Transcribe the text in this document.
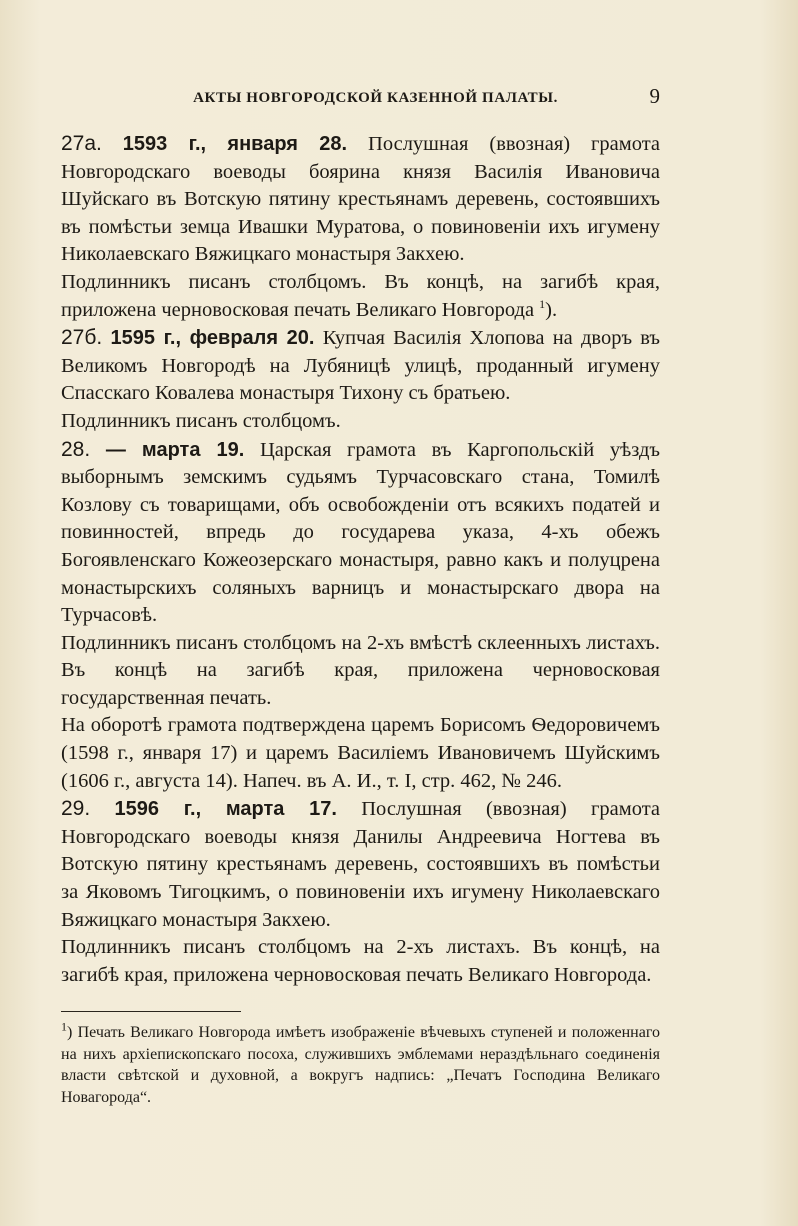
АКТЫ НОВГОРОДСКОЙ КАЗЕННОЙ ПАЛАТЫ.	9

27а. 1593 г., января 28. Послушная (ввозная) грамота Новгородскаго воеводы боярина князя Василія Ивановича Шуйскаго въ Вотскую пятину крестьянамъ деревень, состоявшихъ въ помѣстьи земца Ивашки Муратова, о повиновеніи ихъ игумену Николаевскаго Вяжицкаго монастыря Закхею.

Подлинникъ писанъ столбцомъ. Въ концѣ, на загибѣ края, приложена черновосковая печать Великаго Новгорода $^1$).

27б. 1595 г., февраля 20. Купчая Василія Хлопова на дворъ въ Великомъ Новгородѣ на Лубяницѣ улицѣ, проданный игумену Спасскаго Ковалева монастыря Тихону съ братьею.

Подлинникъ писанъ столбцомъ.

28. — марта 19. Царская грамота въ Каргопольскій уѣздъ выборнымъ земскимъ судьямъ Турчасовскаго стана, Томилѣ Козлову съ товарищами, объ освобожденіи отъ всякихъ податей и повинностей, впредь до государева указа, 4-хъ обежъ Богоявленскаго Кожеозерскаго монастыря, равно какъ и полуцрена монастырскихъ соляныхъ варницъ и монастырскаго двора на Турчасовѣ.

Подлинникъ писанъ столбцомъ на 2-хъ вмѣстѣ склеенныхъ листахъ. Въ концѣ на загибѣ края, приложена черновосковая государственная печать.

На оборотѣ грамота подтверждена царемъ Борисомъ Ѳедоровичемъ (1598 г., января 17) и царемъ Василіемъ Ивановичемъ Шуйскимъ (1606 г., августа 14). Напеч. въ А. И., т. I, стр. 462, № 246.

29. 1596 г., марта 17. Послушная (ввозная) грамота Новгородскаго воеводы князя Данилы Андреевича Ногтева въ Вотскую пятину крестьянамъ деревень, состоявшихъ въ помѣстьи за Яковомъ Тигоцкимъ, о повиновеніи ихъ игумену Николаевскаго Вяжицкаго монастыря Закхею.

Подлинникъ писанъ столбцомъ на 2-хъ листахъ. Въ концѣ, на загибѣ края, приложена черновосковая печать Великаго Новгорода.

$^1$) Печать Великаго Новгорода имѣетъ изображеніе вѣчевыхъ ступеней и положеннаго на нихъ архіепископскаго посоха, служившихъ эмблемами нераздѣльнаго соединенія власти свѣтской и духовной, а вокругъ надпись: „Печатъ Господина Великаго Новагорода“.
